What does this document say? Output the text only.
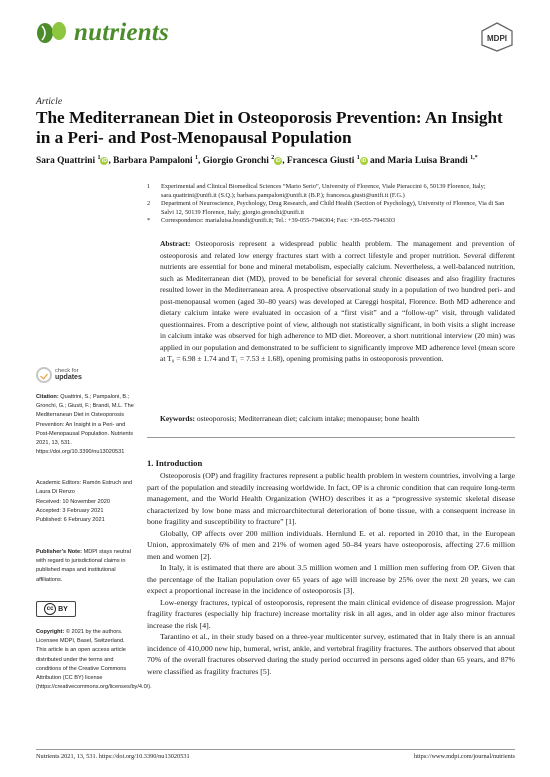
nutrients	MDPI
Article
The Mediterranean Diet in Osteoporosis Prevention: An Insight in a Peri- and Post-Menopausal Population
Sara Quattrini $^1$iD , Barbara Pampaloni $^1$, Giorgio Gronchi $^2$iD , Francesca Giusti $^1$iD and Maria Luisa Brandi $^{1,*}$
1	Experimental and Clinical Biomedical Sciences “Mario Serio”, University of Florence, Viale Pieraccini 6, 50139 Florence, Italy; sara.quattrini@unifi.it (S.Q.); barbara.pampaloni@unifi.it (B.P.); francesca.giusti@unifi.it (F.G.)
2	Department of Neuroscience, Psychology, Drug Research, and Child Health (Section of Psychology), University of Florence, Via di San Salvi 12, 50139 Florence, Italy; giorgio.gronchi@unifi.it
*	Correspondence: marialuisa.brandi@unifi.it; Tel.: +39-055-7946304; Fax: +39-055-7946303
Abstract: Osteoporosis represent a widespread public health problem. The management and prevention of osteoporosis and related low energy fractures start with a correct lifestyle and proper nutrition. Several different nutrients are essential for bone and mineral metabolism, especially calcium. Nevertheless, a well-balanced nutrition, such as Mediterranean diet (MD), proved to be beneficial for several chronic diseases and also fragility fractures resulted lower in the Mediterranean area. A prospective observational study in a population of two hundred peri- and post-menopausal women (aged 30–80 years) was developed at Careggi hospital, Florence. Both MD adherence and dietary calcium intake were evaluated in occasion of a “first visit” and a “follow-up” visit, through validated questionnaires. From a descriptive point of view, although not statistically significant, in both visits a slight increase in calcium intake was observed for high adherence to MD diet. Moreover, a short nutritional interview (20 min) was applied in our population and demonstrated to be sufficient to significantly improve MD adherence level (mean score at T₀ = 6.98 ± 1.74 and T₁ = 7.53 ± 1.68), opening promising paths in osteoporosis prevention.
Keywords: osteoporosis; Mediterranean diet; calcium intake; menopause; bone health
check for
updates
Citation: Quattrini, S.; Pampaloni, B.; Gronchi, G.; Giusti, F.; Brandi, M.L. The Mediterranean Diet in Osteoporosis Prevention: An Insight in a Peri- and Post-Menopausal Population. Nutrients 2021, 13, 531. https://doi.org/10.3390/nu13020531
Academic Editors: Ramón Estruch and Laura Di Renzo
Received: 10 November 2020
Accepted: 3 February 2021
Published: 6 February 2021
Publisher’s Note: MDPI stays neutral with regard to jurisdictional claims in published maps and institutional affiliations.
cc BY
Copyright: © 2021 by the authors. Licensee MDPI, Basel, Switzerland. This article is an open access article distributed under the terms and conditions of the Creative Commons Attribution (CC BY) license (https://creativecommons.org/licenses/by/4.0/).
1. Introduction

Osteoporosis (OP) and fragility fractures represent a public health problem in western countries, involving a large part of the population and steadily increasing worldwide. In fact, OP is a chronic condition that can require long-term management, and the World Health Organization (WHO) describes it as a “progressive systemic skeletal disease characterized by low bone mass and microarchitectural deterioration of bone tissue, with a consequent increase in bone fragility and susceptibility to fracture” [1].

Globally, OP affects over 200 million individuals. Hernlund E. et al. reported in 2010 that, in the European Union, approximately 6% of men and 21% of women aged 50–84 years have osteoporosis, affecting 27.6 million men and women [2].

In Italy, it is estimated that there are about 3.5 million women and 1 million men suffering from OP. Given that the percentage of the Italian population over 65 years of age will increase by 25% over the next 20 years, we can expect a proportional increase in the incidence of osteoporosis [3].

Low-energy fractures, typical of osteoporosis, represent the main clinical evidence of disease progression. Major fragility fractures (especially hip fracture) increase mortality risk in all ages, and in older age also minor fractures increase the risk [4].

Tarantino et al., in their study based on a three-year multicenter survey, estimated that in Italy there is an annual incidence of 410,000 new hip, humeral, wrist, ankle, and vertebral fragility fractures. The authors observed that about 70% of the overall fractures observed during the study period occurred in persons aged older than 65 years, and 87% were classified as fragility fractures [5].

Nutrients 2021, 13, 531. https://doi.org/10.3390/nu13020531	https://www.mdpi.com/journal/nutrients
